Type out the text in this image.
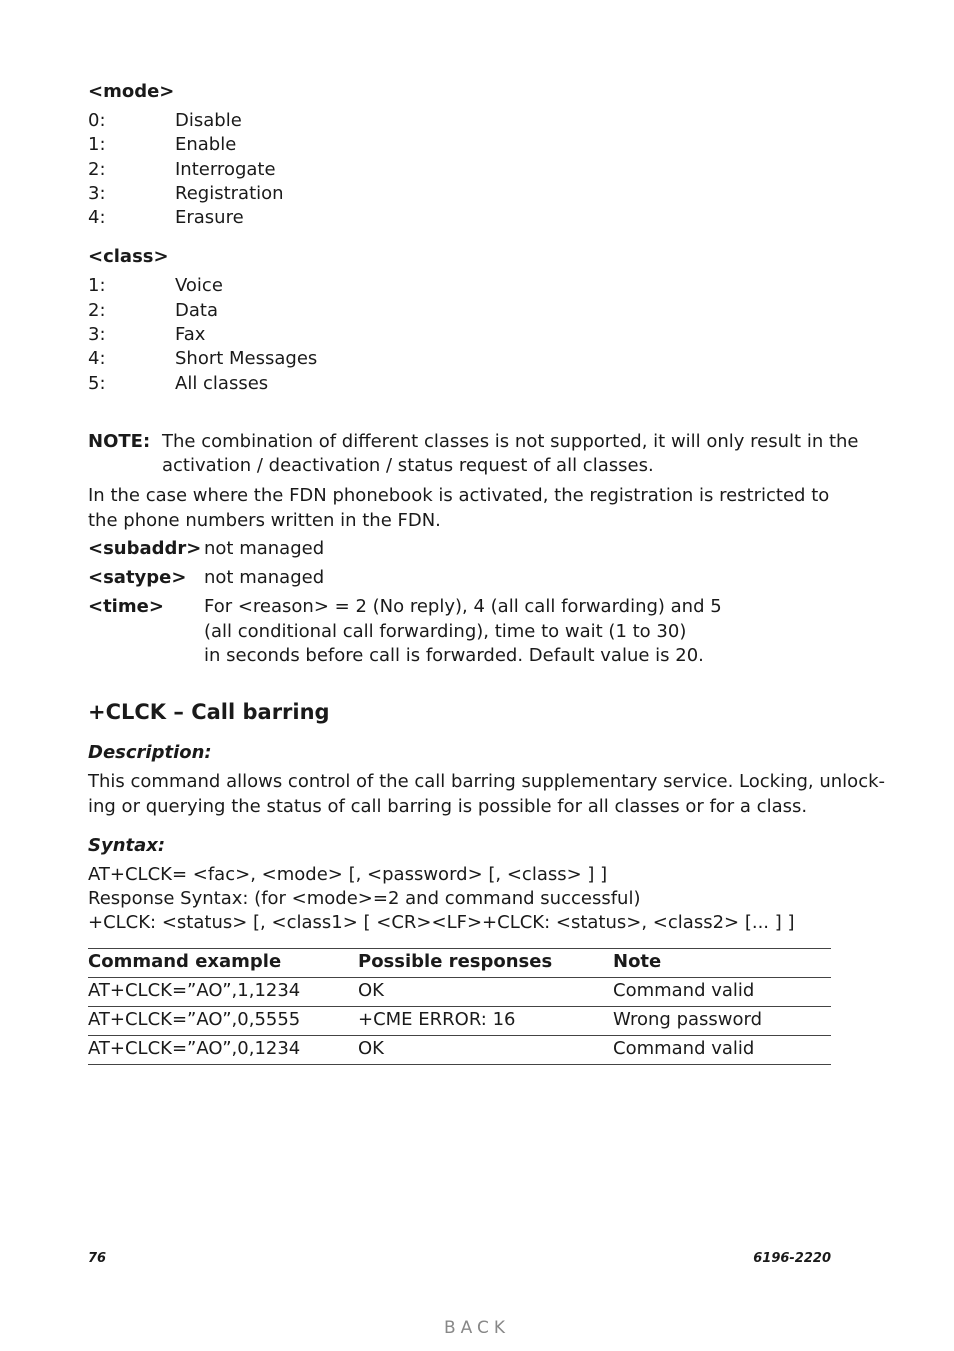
<mode>
0:	Disable
1:	Enable
2:	Interrogate
3:	Registration
4:	Erasure
<class>
1:	Voice
2:	Data
3:	Fax
4:	Short Messages
5:	All classes
NOTE: The combination of different classes is not supported, it will only result in the
activation / deactivation / status request of all classes.
In the case where the FDN phonebook is activated, the registration is restricted to the phone numbers written in the FDN.
<subaddr> not managed
<satype> not managed
<time> For <reason> = 2 (No reply), 4 (all call forwarding) and 5
(all conditional call forwarding), time to wait (1 to 30)
in seconds before call is forwarded. Default value is 20.
+CLCK – Call barring
Description:
This command allows control of the call barring supplementary service. Locking, unlock-
ing or querying the status of call barring is possible for all classes or for a class.
Syntax:
AT+CLCK= <fac>, <mode> [, <password> [, <class> ] ]
Response Syntax: (for <mode>=2 and command successful)
+CLCK: <status> [, <class1> [ <CR><LF>+CLCK: <status>, <class2> [... ] ]
Command example	Possible responses	Note
AT+CLCK=”AO”,1,1234	OK	Command valid
AT+CLCK=”AO”,0,5555	+CME ERROR: 16	Wrong password
AT+CLCK=”AO”,0,1234	OK	Command valid
76	6196-2220
BACK
